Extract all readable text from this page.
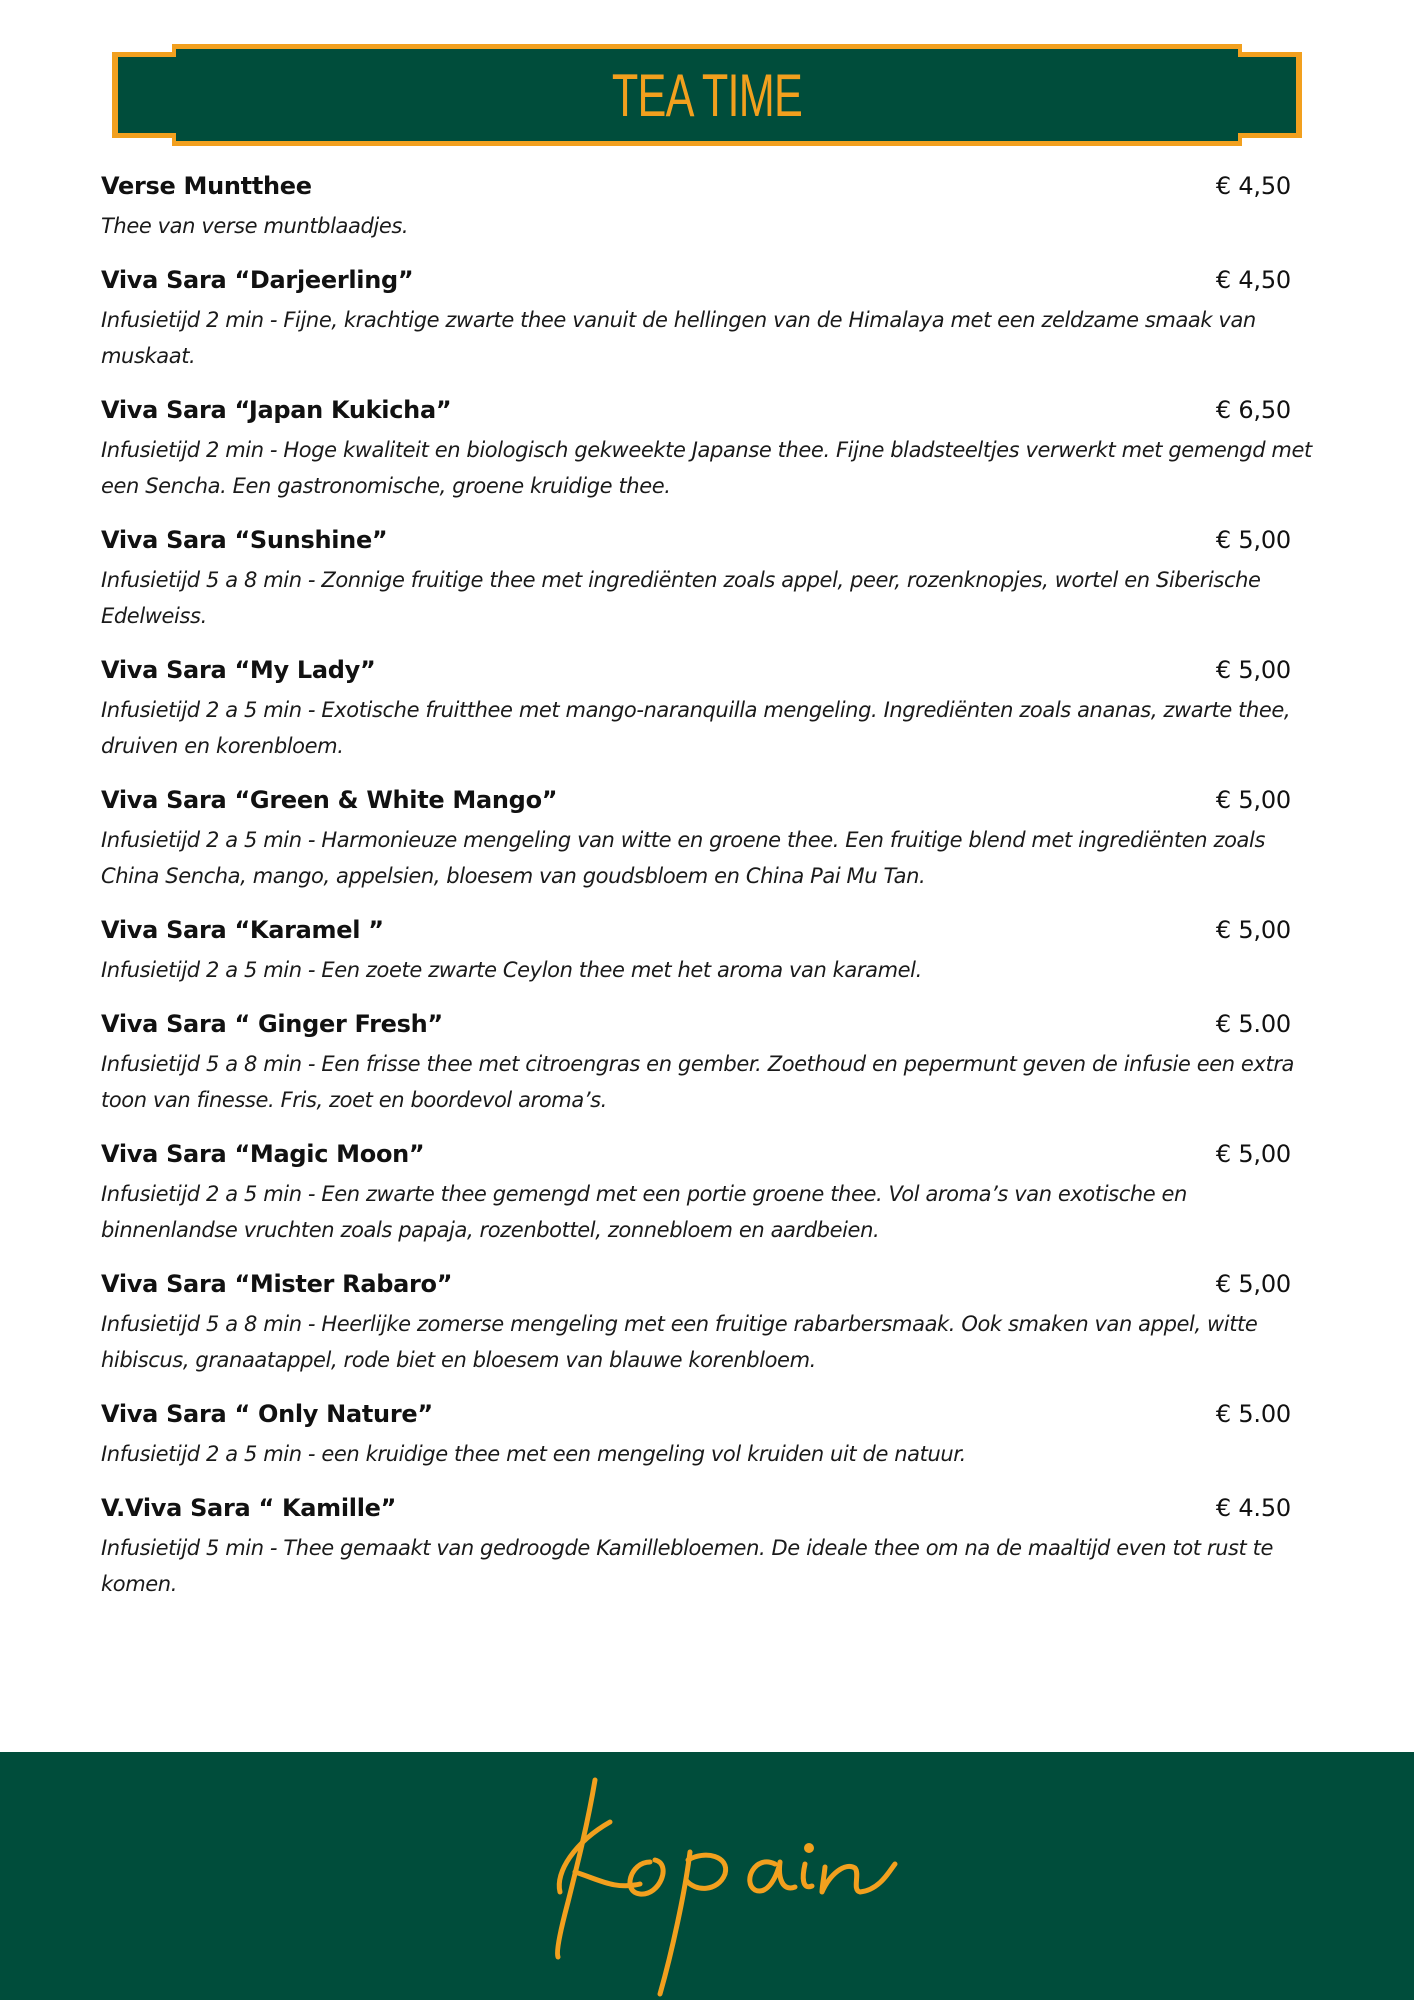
TEA TIME
Verse Muntthee	€ 4,50
Thee van verse muntblaadjes.
Viva Sara “Darjeerling”	€ 4,50
Infusietijd 2 min - Fijne, krachtige zwarte thee vanuit de hellingen van de Himalaya met een zeldzame smaak van muskaat.
Viva Sara “Japan Kukicha”	€ 6,50
Infusietijd 2 min - Hoge kwaliteit en biologisch gekweekte Japanse thee. Fijne bladsteeltjes verwerkt met gemengd met een Sencha. Een gastronomische, groene kruidige thee.
Viva Sara “Sunshine”	€ 5,00
Infusietijd 5 a 8 min - Zonnige fruitige thee met ingrediënten zoals appel, peer, rozenknopjes, wortel en Siberische Edelweiss.
Viva Sara “My Lady”	€ 5,00
Infusietijd 2 a 5 min - Exotische fruitthee met mango-naranquilla mengeling. Ingrediënten zoals ananas, zwarte thee, druiven en korenbloem.
Viva Sara “Green & White Mango”	€ 5,00
Infusietijd 2 a 5 min - Harmonieuze mengeling van witte en groene thee. Een fruitige blend met ingrediënten zoals China Sencha, mango, appelsien, bloesem van goudsbloem en China Pai Mu Tan.
Viva Sara “Karamel ”	€ 5,00
Infusietijd 2 a 5 min - Een zoete zwarte Ceylon thee met het aroma van karamel.
Viva Sara “ Ginger Fresh”	€ 5.00
Infusietijd 5 a 8 min - Een frisse thee met citroengras en gember. Zoethoud en pepermunt geven de infusie een extra toon van finesse. Fris, zoet en boordevol aroma’s.
Viva Sara “Magic Moon”	€ 5,00
Infusietijd 2 a 5 min - Een zwarte thee gemengd met een portie groene thee. Vol aroma’s van exotische en binnenlandse vruchten zoals papaja, rozenbottel, zonnebloem en aardbeien.
Viva Sara “Mister Rabaro”	€ 5,00
Infusietijd 5 a 8 min - Heerlijke zomerse mengeling met een fruitige rabarbersmaak. Ook smaken van appel, witte hibiscus, granaatappel, rode biet en bloesem van blauwe korenbloem.
Viva Sara “ Only Nature”	€ 5.00
Infusietijd 2 a 5 min - een kruidige thee met een mengeling vol kruiden uit de natuur.
V.Viva Sara “ Kamille”	€ 4.50
Infusietijd 5 min - Thee gemaakt van gedroogde Kamillebloemen. De ideale thee om na de maaltijd even tot rust te komen.
